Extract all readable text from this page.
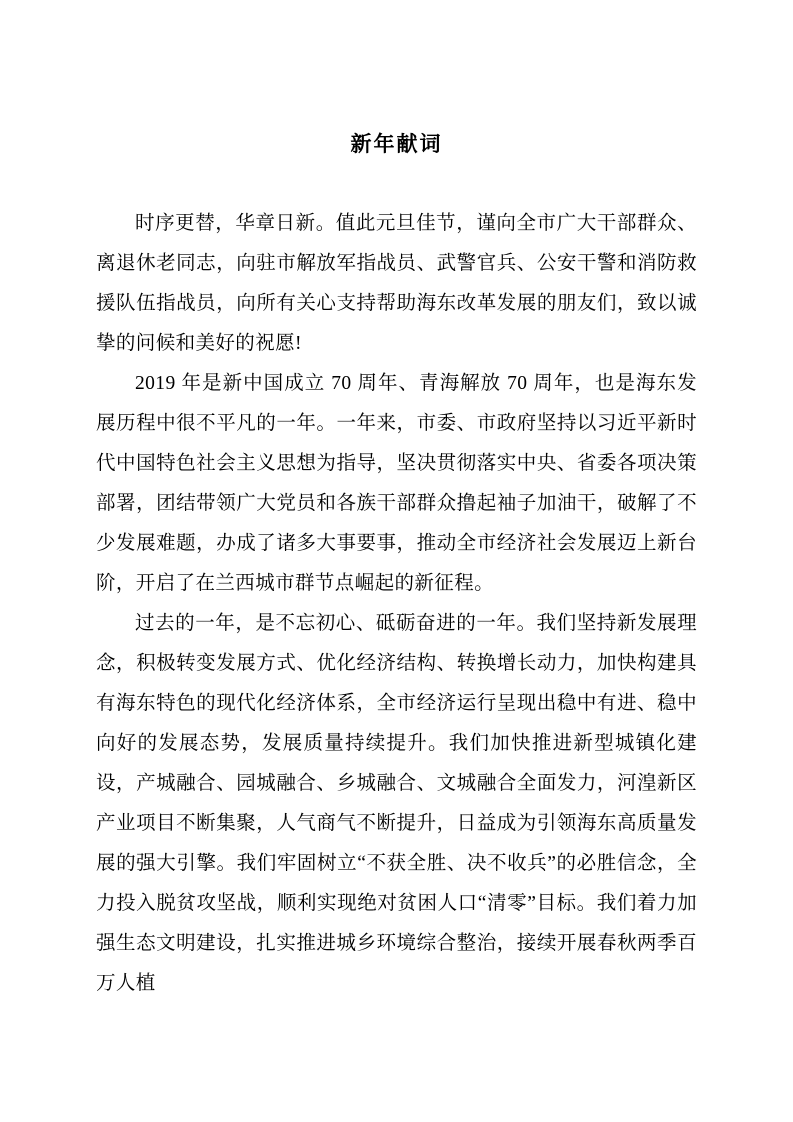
新年献词

时序更替，华章日新。值此元旦佳节，谨向全市广大干部群众、离退休老同志，向驻市解放军指战员、武警官兵、公安干警和消防救援队伍指战员，向所有关心支持帮助海东改革发展的朋友们，致以诚挚的问候和美好的祝愿!

2019 年是新中国成立 70 周年、青海解放 70 周年，也是海东发展历程中很不平凡的一年。一年来，市委、市政府坚持以习近平新时代中国特色社会主义思想为指导，坚决贯彻落实中央、省委各项决策部署，团结带领广大党员和各族干部群众撸起袖子加油干，破解了不少发展难题，办成了诸多大事要事，推动全市经济社会发展迈上新台阶，开启了在兰西城市群节点崛起的新征程。

过去的一年，是不忘初心、砥砺奋进的一年。我们坚持新发展理念，积极转变发展方式、优化经济结构、转换增长动力，加快构建具有海东特色的现代化经济体系，全市经济运行呈现出稳中有进、稳中向好的发展态势，发展质量持续提升。我们加快推进新型城镇化建设，产城融合、园城融合、乡城融合、文城融合全面发力，河湟新区产业项目不断集聚，人气商气不断提升，日益成为引领海东高质量发展的强大引擎。我们牢固树立“不获全胜、决不收兵”的必胜信念，全力投入脱贫攻坚战，顺利实现绝对贫困人口“清零”目标。我们着力加强生态文明建设，扎实推进城乡环境综合整治，接续开展春秋两季百万人植
